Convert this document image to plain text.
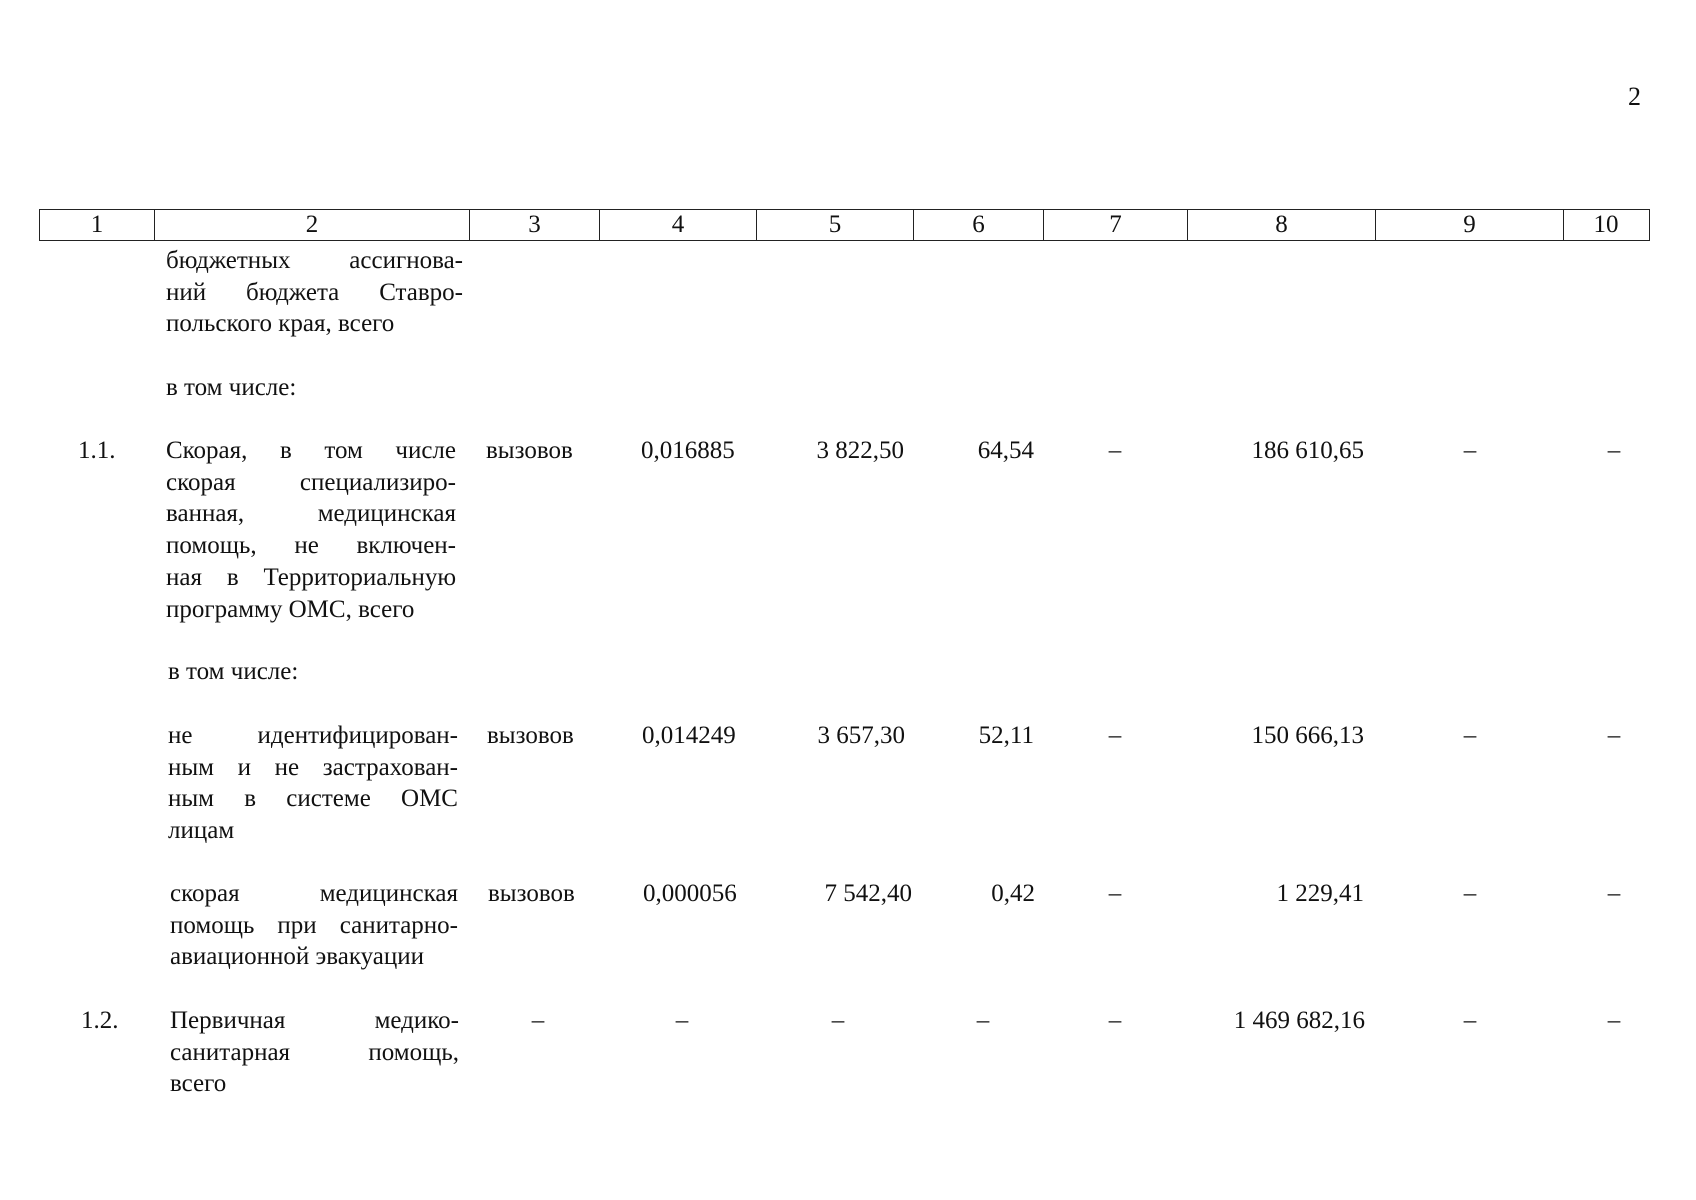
2
1	2	3	4	5	6	7	8	9	10
бюджетных ассигнова-
ний бюджета Ставро-
польского края, всего
в том числе:
1.1. Скорая, в том числе
скорая специализиро-
ванная, медицинская
помощь, не включен-
ная в Территориальную
программу ОМС, всего
вызовов	0,016885	3 822,50	64,54	–	186 610,65	–	–
в том числе:
не идентифицирован-
ным и не застрахован-
ным в системе ОМС
лицам
вызовов	0,014249	3 657,30	52,11	–	150 666,13	–	–
скорая медицинская
помощь при санитарно-
авиационной эвакуации
вызовов	0,000056	7 542,40	0,42	–	1 229,41	–	–
1.2. Первичная медико-
санитарная помощь,
всего
–	–	–	–	–	1 469 682,16	–	–
